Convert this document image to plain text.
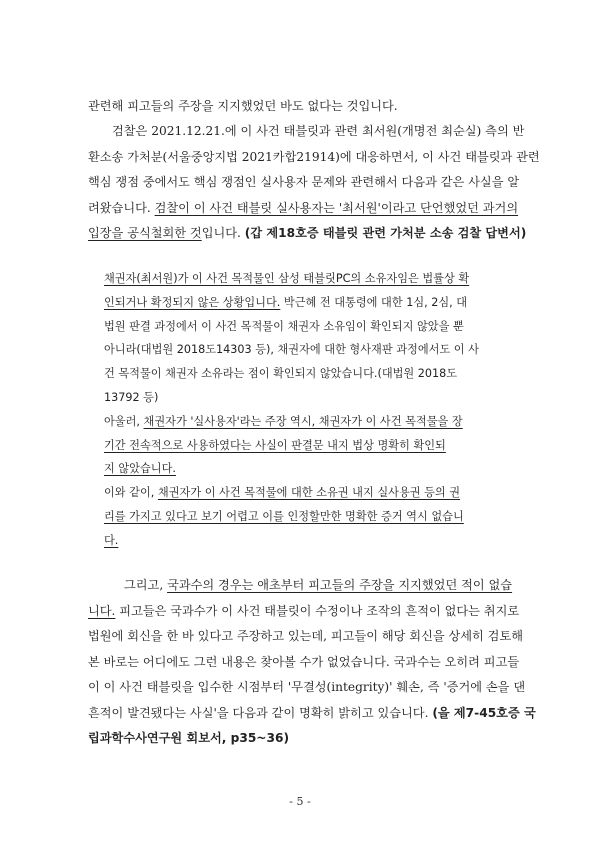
관련해 피고들의 주장을 지지했었던 바도 없다는 것입니다.
검찰은 2021.12.21.에 이 사건 태블릿과 관련 최서원(개명전 최순실) 측의 반
환소송 가처분(서울중앙지법 2021카합21914)에 대응하면서, 이 사건 태블릿과 관련
핵심 쟁점 중에서도 핵심 쟁점인 실사용자 문제와 관련해서 다음과 같은 사실을 알
려왔습니다. 검찰이 이 사건 태블릿 실사용자는 '최서원'이라고 단언했었던 과거의
입장을 공식철회한 것입니다. (갑 제18호증 태블릿 관련 가처분 소송 검찰 답변서)
채권자(최서원)가 이 사건 목적물인 삼성 태블릿PC의 소유자임은 법률상 확
인되거나 확정되지 않은 상황입니다. 박근혜 전 대통령에 대한 1심, 2심, 대
법원 판결 과정에서 이 사건 목적물이 채권자 소유임이 확인되지 않았을 뿐
아니라(대법원 2018도14303 등), 채권자에 대한 형사재판 과정에서도 이 사
건 목적물이 채권자 소유라는 점이 확인되지 않았습니다.(대법원 2018도
13792 등)
아울러, 채권자가 '실사용자'라는 주장 역시, 채권자가 이 사건 목적물을 장
기간 전속적으로 사용하였다는 사실이 판결문 내지 법상 명확히 확인되
지 않았습니다.
이와 같이, 채권자가 이 사건 목적물에 대한 소유권 내지 실사용권 등의 권
리를 가지고 있다고 보기 어렵고 이를 인정할만한 명확한 증거 역시 없습니
다.
그리고, 국과수의 경우는 애초부터 피고들의 주장을 지지했었던 적이 없습
니다. 피고들은 국과수가 이 사건 태블릿이 수정이나 조작의 흔적이 없다는 취지로
법원에 회신을 한 바 있다고 주장하고 있는데, 피고들이 해당 회신을 상세히 검토해
본 바로는 어디에도 그런 내용은 찾아볼 수가 없었습니다. 국과수는 오히려 피고들
이 이 사건 태블릿을 입수한 시점부터 '무결성(integrity)' 훼손, 즉 '증거에 손을 댄
흔적이 발견됐다는 사실'을 다음과 같이 명확히 밝히고 있습니다. (을 제7-45호증 국
립과학수사연구원 회보서, p35~36)
- 5 -
